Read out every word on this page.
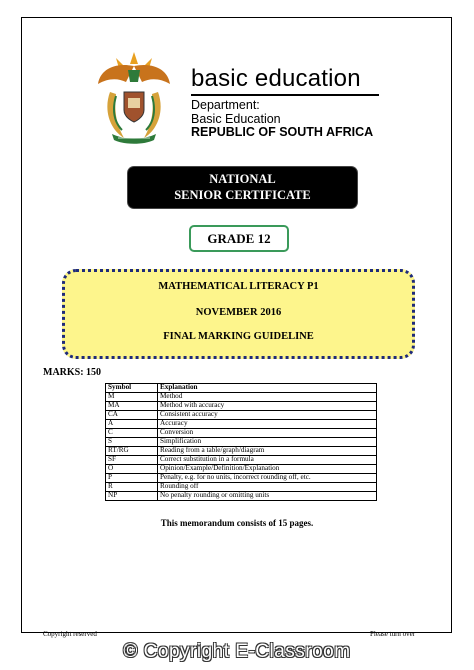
basic education
Department:
Basic Education
REPUBLIC OF SOUTH AFRICA
NATIONAL
SENIOR CERTIFICATE
GRADE 12
MATHEMATICAL LITERACY P1
NOVEMBER 2016
FINAL MARKING GUIDELINE
MARKS: 150
Symbol	Explanation
M	Method
MA	Method with accuracy
CA	Consistent accuracy
A	Accuracy
C	Conversion
S	Simplification
RT/RG	Reading from a table/graph/diagram
SF	Correct substitution in a formula
O	Opinion/Example/Definition/Explanation
P	Penalty, e.g. for no units, incorrect rounding off, etc.
R	Rounding off
NP	No penalty rounding or omitting units
This memorandum consists of 15 pages.
Copyright reserved	Please turn over
© Copyright E-Classroom
